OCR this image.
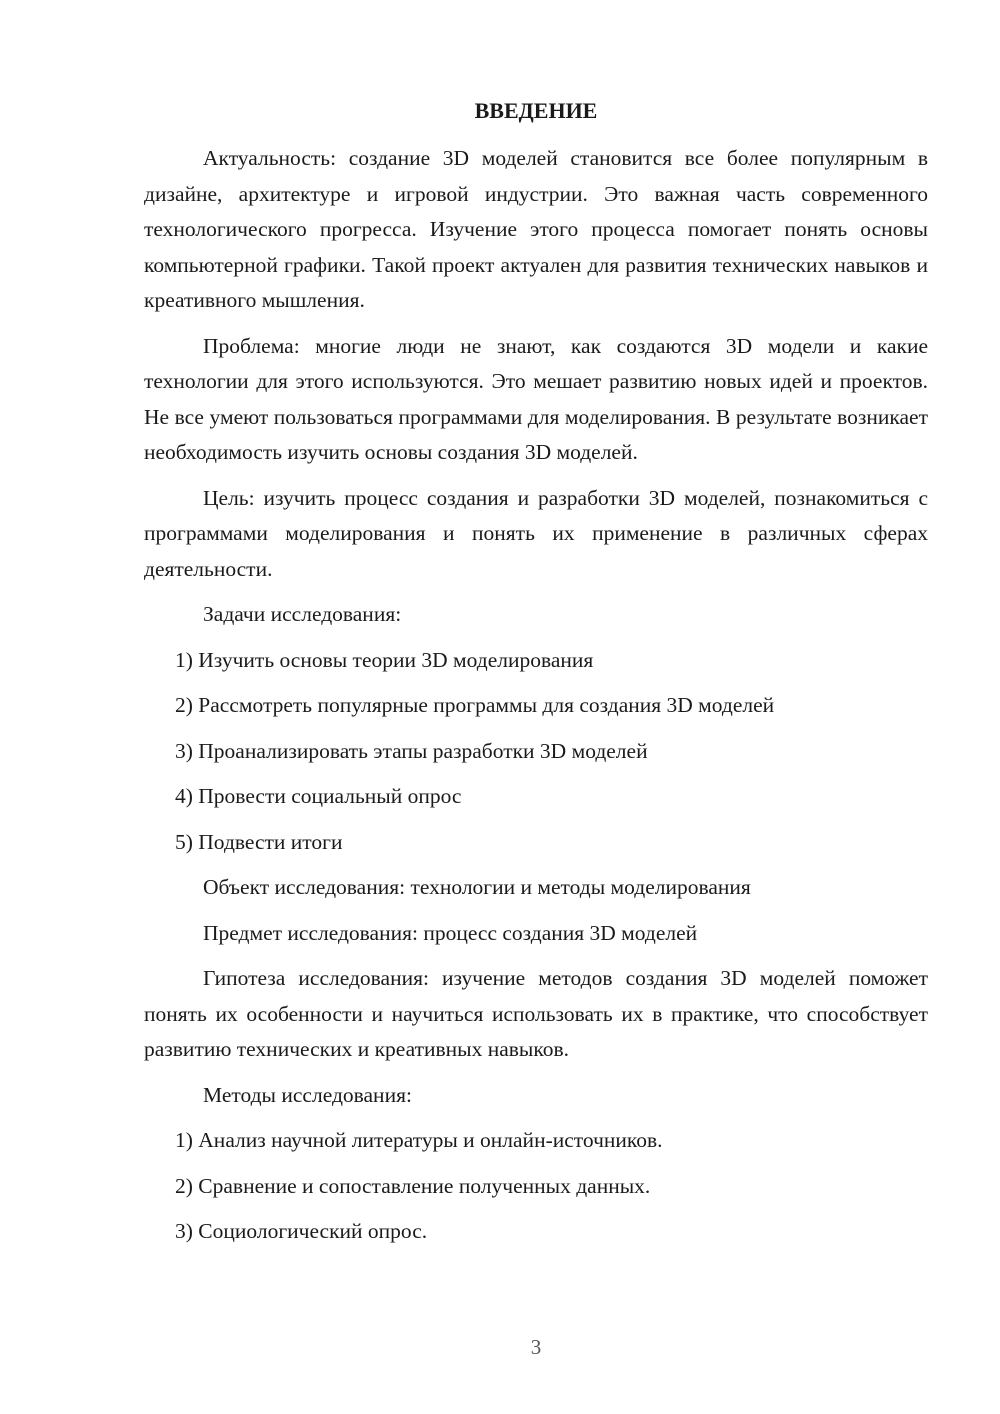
ВВЕДЕНИЕ

Актуальность: создание 3D моделей становится все более популярным в дизайне, архитектуре и игровой индустрии. Это важная часть современного технологического прогресса. Изучение этого процесса помогает понять основы компьютерной графики. Такой проект актуален для развития технических навыков и креативного мышления.

Проблема: многие люди не знают, как создаются 3D модели и какие технологии для этого используются. Это мешает развитию новых идей и проектов. Не все умеют пользоваться программами для моделирования. В результате возникает необходимость изучить основы создания 3D моделей.

Цель: изучить процесс создания и разработки 3D моделей, познакомиться с программами моделирования и понять их применение в различных сферах деятельности.

Задачи исследования:

1) Изучить основы теории 3D моделирования

2) Рассмотреть популярные программы для создания 3D моделей

3) Проанализировать этапы разработки 3D моделей

4) Провести социальный опрос

5) Подвести итоги

Объект исследования: технологии и методы моделирования

Предмет исследования: процесс создания 3D моделей

Гипотеза исследования: изучение методов создания 3D моделей поможет понять их особенности и научиться использовать их в практике, что способствует развитию технических и креативных навыков.

Методы исследования:

1) Анализ научной литературы и онлайн-источников.

2) Сравнение и сопоставление полученных данных.

3) Социологический опрос.

3
